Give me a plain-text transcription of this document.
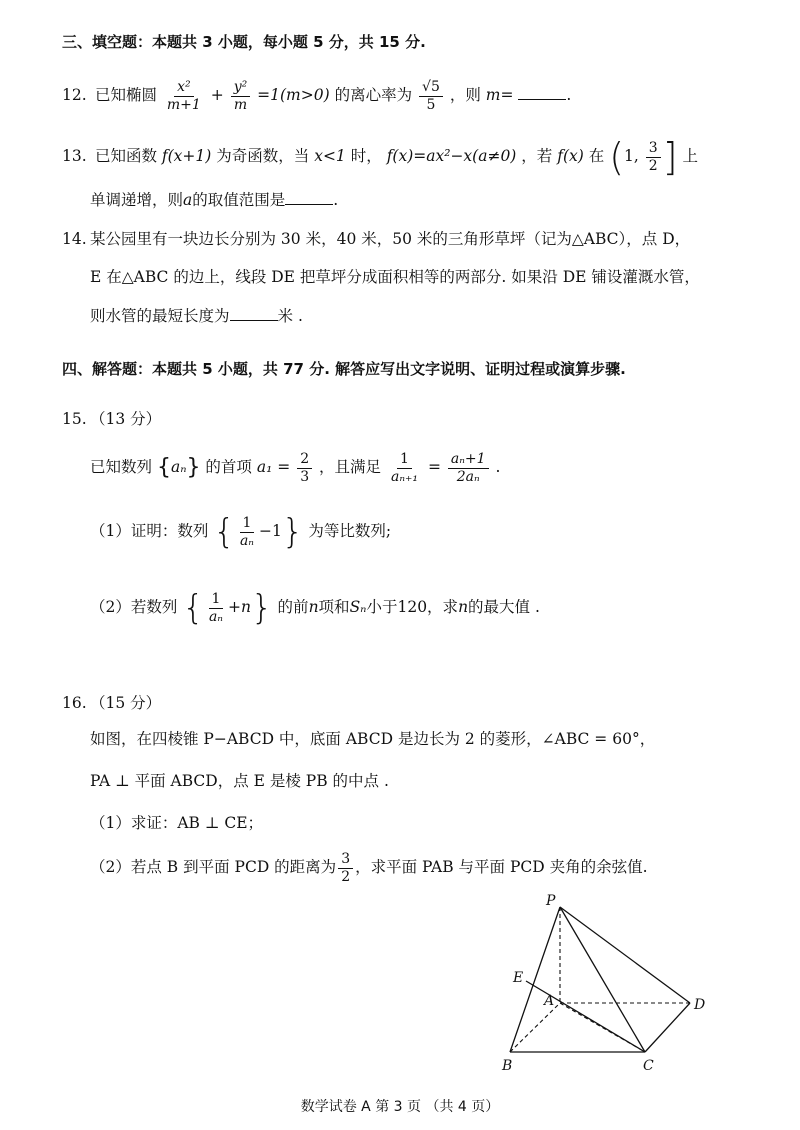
三、填空题：本题共 3 小题，每小题 5 分，共 15 分.
12. 已知椭圆 $\frac{\text{x²}}{m+1} + \frac{\text{y²}}{m} =1(m>0)$ 的离心率为 $\frac{√5}{5}$ ，则 m=	.
13. 已知函数 f(x+1) 为奇函数，当 x<1 时， f(x)=ax²−x(a≠0) ，若 f(x) 在 (1, $\frac{3}{2}$ ] 上
单调递增，则a的取值范围是	.
14. 某公园里有一块边长分别为 30 米，40 米，50 米的三角形草坪（记为△ABC），点 D，
E 在△ABC 的边上，线段 DE 把草坪分成面积相等的两部分. 如果沿 DE 铺设灌溉水管，
则水管的最短长度为	米 .
四、解答题：本题共 5 小题，共 77 分. 解答应写出文字说明、证明过程或演算步骤.
15. （13 分）
已知数列 {aₙ} 的首项 $a_1 = \frac{2}{3}$ ，且满足 $\frac{1}{\text{aₙ₊₁}} = \frac{\text{aₙ+1}}{\text{2aₙ}}$ .
（1）证明：数列 { $\frac{1}{\text{aₙ}} -1$} 为等比数列;
（2）若数列 { $\frac{1}{\text{aₙ}} +n$} 的前n项和Sₙ小于120，求n的最大值 .
16. （15 分）
如图，在四棱锥 P−ABCD 中，底面 ABCD 是边长为 2 的菱形，∠ABC = 60°，
PA ⊥ 平面 ABCD，点 E 是棱 PB 的中点 .
（1）求证：AB ⊥ CE；
（2）若点 B 到平面 PCD 的距离为 $\frac{3}{2}$ ，求平面 PAB 与平面 PCD 夹角的余弦值.
P
E
A	D
B	C
数学试卷 A 第 3 页 （共 4 页）
